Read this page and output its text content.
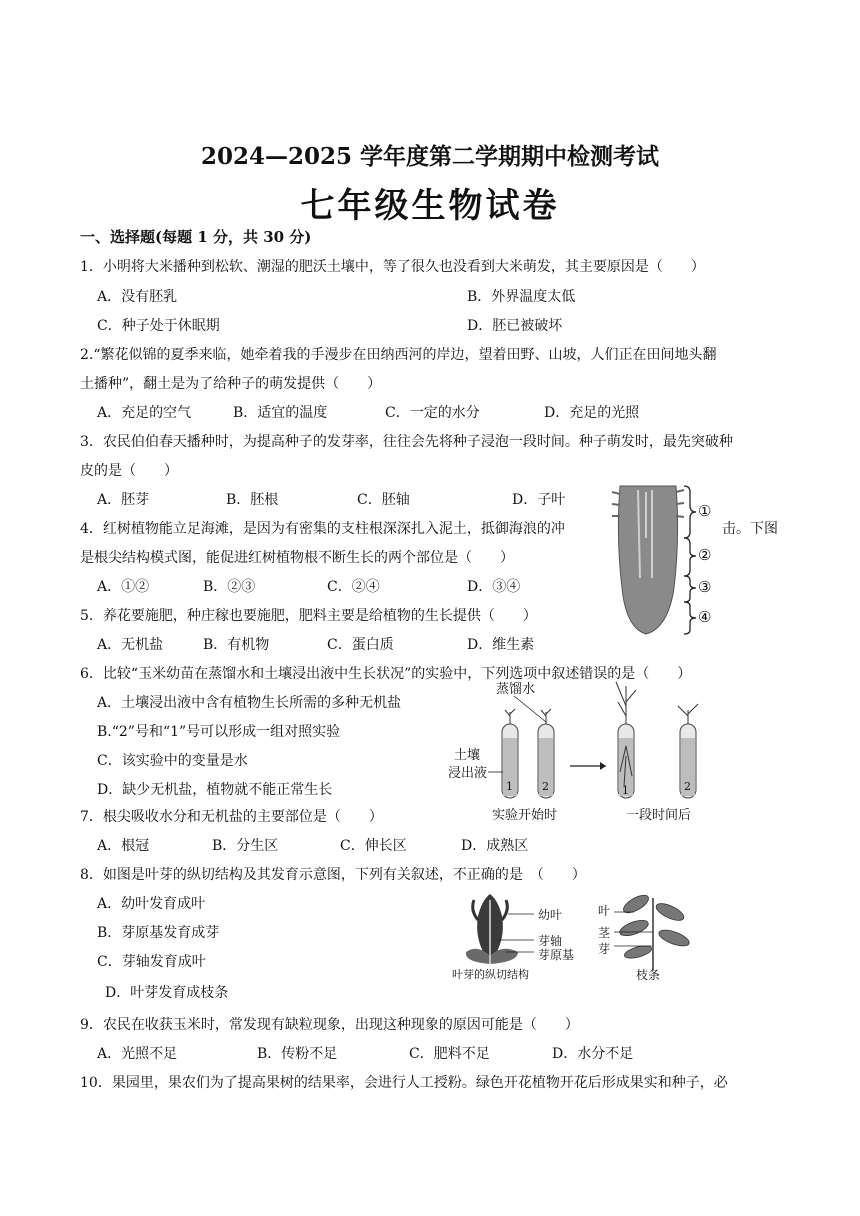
2024—2025 学年度第二学期期中检测考试
七年级生物试卷
一、选择题(每题 1 分，共 30 分)
1．小明将大米播种到松软、潮湿的肥沃土壤中，等了很久也没看到大米萌发，其主要原因是（　　）
A．没有胚乳	B．外界温度太低
C．种子处于休眠期	D．胚已被破坏
2.“繁花似锦的夏季来临，她牵着我的手漫步在田纳西河的岸边，望着田野、山坡，人们正在田间地头翻
土播种”，翻土是为了给种子的萌发提供（　　）
A．充足的空气	B．适宜的温度	C．一定的水分	D．充足的光照
3．农民伯伯春天播种时，为提高种子的发芽率，往往会先将种子浸泡一段时间。种子萌发时，最先突破种
皮的是（　　）
A．胚芽	B．胚根	C．胚轴	D．子叶
4．红树植物能立足海滩，是因为有密集的支柱根深深扎入泥土，抵御海浪的冲	击。下图
是根尖结构模式图，能促进红树植物根不断生长的两个部位是（　　）
A．①②	B．②③	C．②④	D．③④
①
②
③
④
5．养花要施肥，种庄稼也要施肥，肥料主要是给植物的生长提供（　　）
A．无机盐	B．有机物	C．蛋白质	D．维生素
6．比较“玉米幼苗在蒸馏水和土壤浸出液中生长状况”的实验中，下列选项中叙述错误的是（　　）
A．土壤浸出液中含有植物生长所需的多种无机盐
B.“2”号和“1”号可以形成一组对照实验
C．该实验中的变量是水
D．缺少无机盐，植物就不能正常生长
蒸馏水
土壤
浸出液
1	2
实验开始时
1	2
一段时间后
7．根尖吸收水分和无机盐的主要部位是（　　）
A．根冠	B．分生区	C．伸长区	D．成熟区
8．如图是叶芽的纵切结构及其发育示意图，下列有关叙述，不正确的是　（　　）
A．幼叶发育成叶
B．芽原基发育成芽
C．芽轴发育成叶
D．叶芽发育成枝条
幼叶
芽轴
芽原基
叶芽的纵切结构
叶
茎
芽
枝条
9．农民在收获玉米时，常发现有缺粒现象，出现这种现象的原因可能是（　　）
A．光照不足	B．传粉不足	C．肥料不足	D．水分不足
10．果园里，果农们为了提高果树的结果率，会进行人工授粉。绿色开花植物开花后形成果实和种子，必
